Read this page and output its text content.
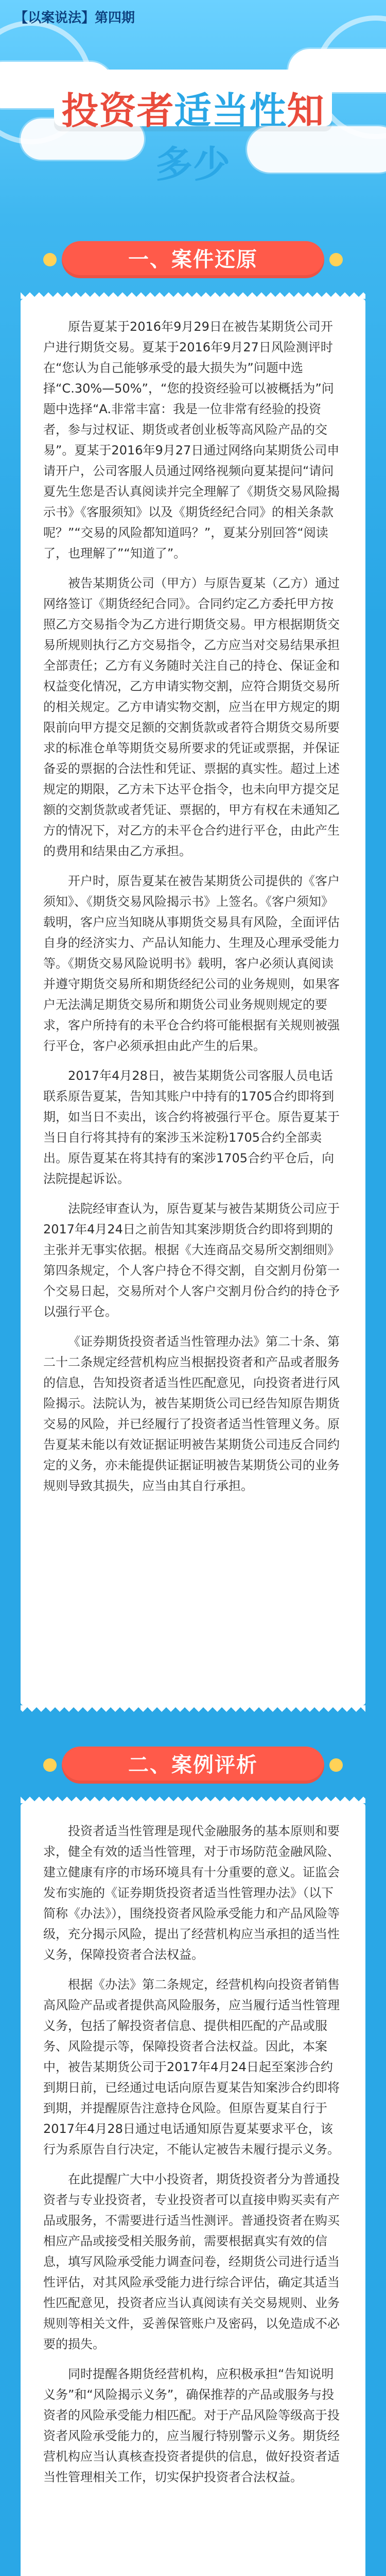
【以案说法】第四期
投资者适当性知多少
一、案件还原

原告夏某于2016年9月29日在被告某期货公司开户进行期货交易。夏某于2016年9月27日风险测评时在“您认为自己能够承受的最大损失为”问题中选择“C.30%—50%”，“您的投资经验可以被概括为”问题中选择“A.非常丰富：我是一位非常有经验的投资者，参与过权证、期货或者创业板等高风险产品的交易”。夏某于2016年9月27日通过网络向某期货公司申请开户，公司客服人员通过网络视频向夏某提问“请问夏先生您是否认真阅读并完全理解了《期货交易风险揭示书》《客服须知》以及《期货经纪合同》的相关条款呢？”“交易的风险都知道吗？”，夏某分别回答“阅读了，也理解了”“知道了”。

被告某期货公司（甲方）与原告夏某（乙方）通过网络签订《期货经纪合同》。合同约定乙方委托甲方按照乙方交易指令为乙方进行期货交易。甲方根据期货交易所规则执行乙方交易指令，乙方应当对交易结果承担全部责任；乙方有义务随时关注自己的持仓、保证金和权益变化情况，乙方申请实物交割，应符合期货交易所的相关规定。乙方申请实物交割，应当在甲方规定的期限前向甲方提交足额的交割货款或者符合期货交易所要求的标准仓单等期货交易所要求的凭证或票据，并保证备妥的票据的合法性和凭证、票据的真实性。超过上述规定的期限，乙方未下达平仓指令，也未向甲方提交足额的交割货款或者凭证、票据的，甲方有权在未通知乙方的情况下，对乙方的未平仓合约进行平仓，由此产生的费用和结果由乙方承担。

开户时，原告夏某在被告某期货公司提供的《客户须知》、《期货交易风险揭示书》上签名。《客户须知》载明，客户应当知晓从事期货交易具有风险，全面评估自身的经济实力、产品认知能力、生理及心理承受能力等。《期货交易风险说明书》载明，客户必须认真阅读并遵守期货交易所和期货经纪公司的业务规则，如果客户无法满足期货交易所和期货公司业务规则规定的要求，客户所持有的未平仓合约将可能根据有关规则被强行平仓，客户必须承担由此产生的后果。

2017年4月28日，被告某期货公司客服人员电话联系原告夏某，告知其账户中持有的1705合约即将到期，如当日不卖出，该合约将被强行平仓。原告夏某于当日自行将其持有的案涉玉米淀粉1705合约全部卖出。原告夏某在将其持有的案涉1705合约平仓后，向法院提起诉讼。

法院经审查认为，原告夏某与被告某期货公司应于2017年4月24日之前告知其案涉期货合约即将到期的主张并无事实依据。根据《大连商品交易所交割细则》第四条规定，个人客户持仓不得交割，自交割月份第一个交易日起，交易所对个人客户交割月份合约的持仓予以强行平仓。

《证券期货投资者适当性管理办法》第二十条、第二十二条规定经营机构应当根据投资者和产品或者服务的信息，告知投资者适当性匹配意见，向投资者进行风险揭示。法院认为，被告某期货公司已经告知原告期货交易的风险，并已经履行了投资者适当性管理义务。原告夏某未能以有效证据证明被告某期货公司违反合同约定的义务，亦未能提供证据证明被告某期货公司的业务规则导致其损失，应当由其自行承担。

二、案例评析

投资者适当性管理是现代金融服务的基本原则和要求，健全有效的适当性管理，对于市场防范金融风险、建立健康有序的市场环境具有十分重要的意义。证监会发布实施的《证券期货投资者适当性管理办法》（以下简称《办法》），围绕投资者风险承受能力和产品风险等级，充分揭示风险，提出了经营机构应当承担的适当性义务，保障投资者合法权益。

根据《办法》第二条规定，经营机构向投资者销售高风险产品或者提供高风险服务，应当履行适当性管理义务，包括了解投资者信息、提供相匹配的产品或服务、风险提示等，保障投资者合法权益。因此，本案中，被告某期货公司于2017年4月24日起至案涉合约到期日前，已经通过电话向原告夏某告知案涉合约即将到期，并提醒原告注意持仓风险。但原告夏某自行于2017年4月28日通过电话通知原告夏某要求平仓，该行为系原告自行决定，不能认定被告未履行提示义务。

在此提醒广大中小投资者，期货投资者分为普通投资者与专业投资者，专业投资者可以直接申购买卖有产品或服务，不需要进行适当性测评。普通投资者在购买相应产品或接受相关服务前，需要根据真实有效的信息，填写风险承受能力调查问卷，经期货公司进行适当性评估，对其风险承受能力进行综合评估，确定其适当性匹配意见，投资者应当认真阅读有关交易规则、业务规则等相关文件，妥善保管账户及密码，以免造成不必要的损失。

同时提醒各期货经营机构，应积极承担“告知说明义务”和“风险揭示义务”，确保推荐的产品或服务与投资者的风险承受能力相匹配。对于产品风险等级高于投资者风险承受能力的，应当履行特别警示义务。期货经营机构应当认真核查投资者提供的信息，做好投资者适当性管理相关工作，切实保护投资者合法权益。
